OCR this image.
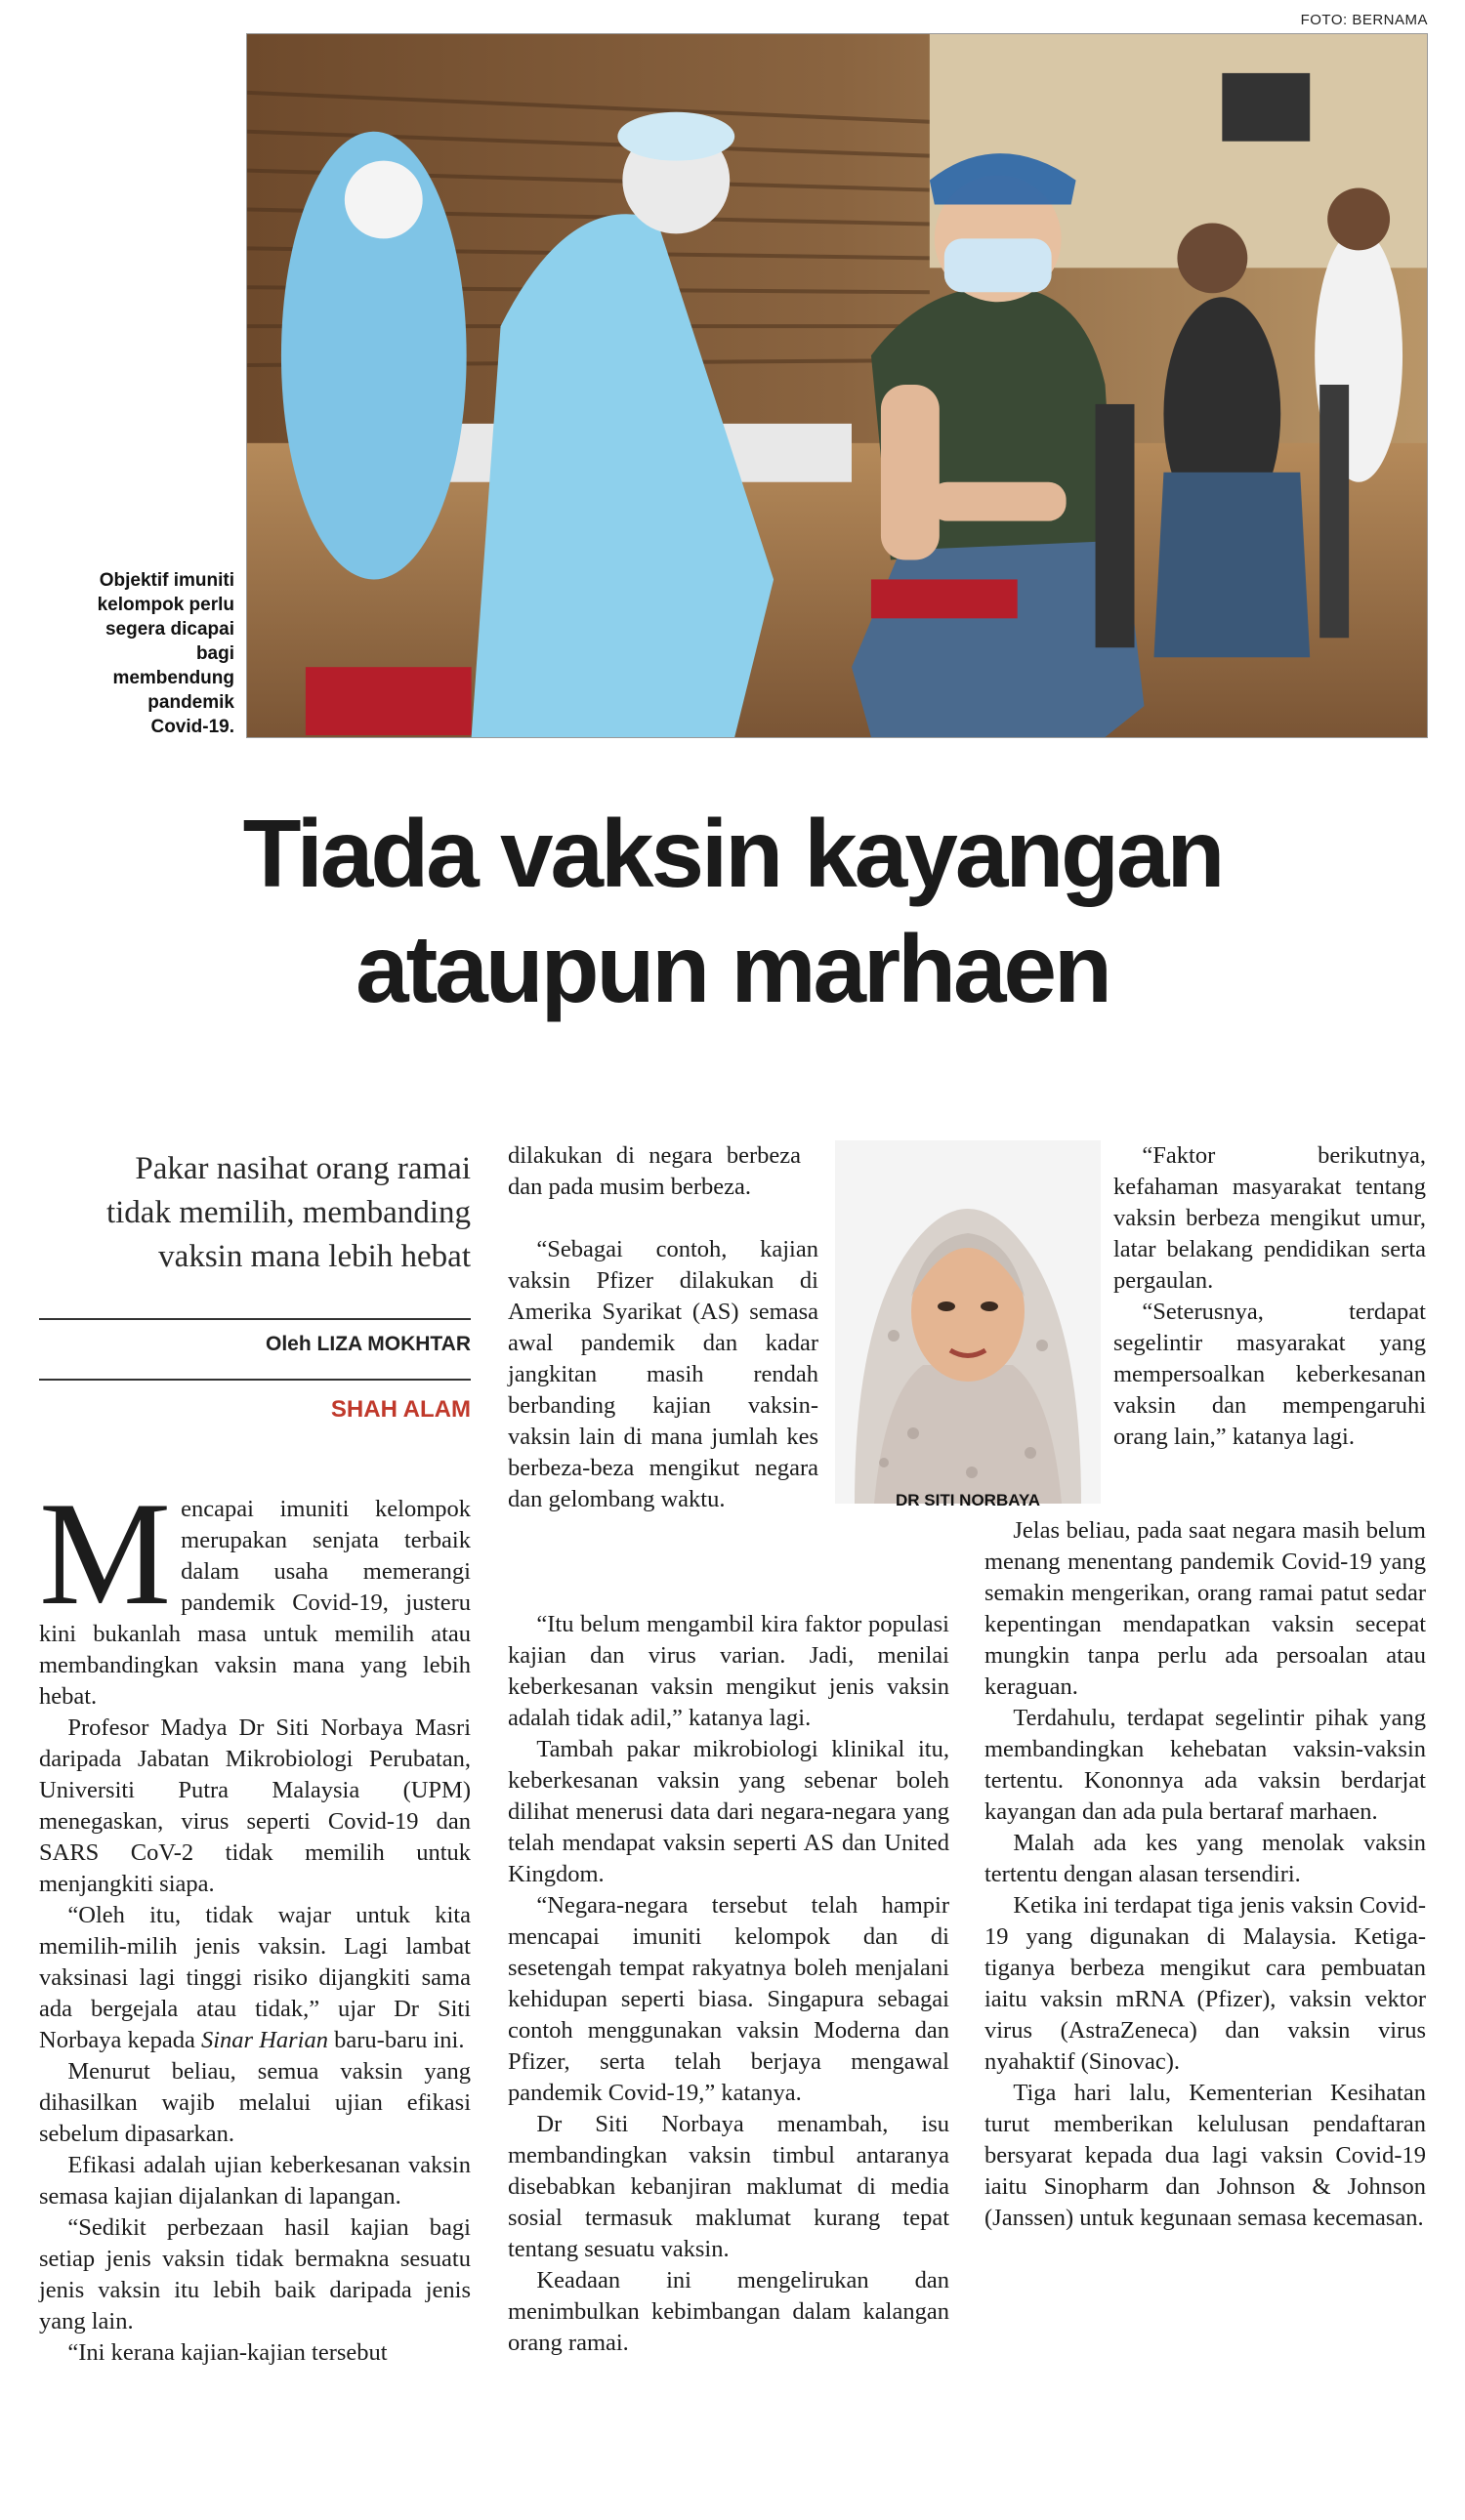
FOTO: BERNAMA
Objektif imuniti
kelompok perlu
segera dicapai
bagi
membendung
pandemik
Covid-19.
Tiada vaksin kayangan
ataupun marhaen
Pakar nasihat orang ramai
tidak memilih, membanding
vaksin mana lebih hebat
Oleh LIZA MOKHTAR
SHAH ALAM

Mencapai imuniti kelompok merupakan senjata terbaik dalam usaha memerangi pandemik Covid-19, justeru kini bukanlah masa untuk memilih atau membandingkan vaksin mana yang lebih hebat.

Profesor Madya Dr Siti Norbaya Masri daripada Jabatan Mikrobiologi Perubatan, Universiti Putra Malaysia (UPM) menegaskan, virus seperti Covid-19 dan SARS CoV-2 tidak memilih untuk menjangkiti siapa.

“Oleh itu, tidak wajar untuk kita memilih-milih jenis vaksin. Lagi lambat vaksinasi lagi tinggi risiko dijangkiti sama ada bergejala atau tidak,” ujar Dr Siti Norbaya kepada Sinar Harian baru-baru ini.

Menurut beliau, semua vaksin yang dihasilkan wajib melalui ujian efikasi sebelum dipasarkan.

Efikasi adalah ujian keberkesanan vaksin semasa kajian dijalankan di lapangan.

“Sedikit perbezaan hasil kajian bagi setiap jenis vaksin tidak bermakna sesuatu jenis vaksin itu lebih baik daripada jenis yang lain.

“Ini kerana kajian-kajian tersebut

dilakukan di negara berbeza dan pada musim berbeza.

“Sebagai contoh, kajian vaksin Pfizer dilakukan di Amerika Syarikat (AS) semasa awal pandemik dan kadar jangkitan masih rendah berbanding kajian vaksin-vaksin lain di mana jumlah kes berbeza-beza mengikut negara dan gelombang waktu.

“Itu belum mengambil kira faktor populasi kajian dan virus varian. Jadi, menilai keberkesanan vaksin mengikut jenis vaksin adalah tidak adil,” katanya lagi.

Tambah pakar mikrobiologi klinikal itu, keberkesanan vaksin yang sebenar boleh dilihat menerusi data dari negara-negara yang telah mendapat vaksin seperti AS dan United Kingdom.

“Negara-negara tersebut telah hampir mencapai imuniti kelompok dan di sesetengah tempat rakyatnya boleh menjalani kehidupan seperti biasa. Singapura sebagai contoh menggunakan vaksin Moderna dan Pfizer, serta telah berjaya mengawal pandemik Covid-19,” katanya.

Dr Siti Norbaya menambah, isu membandingkan vaksin timbul antaranya disebabkan kebanjiran maklumat di media sosial termasuk maklumat kurang tepat tentang sesuatu vaksin.

Keadaan ini mengelirukan dan menimbulkan kebimbangan dalam kalangan orang ramai.

DR SITI NORBAYA

“Faktor berikutnya, kefahaman masyarakat tentang vaksin berbeza mengikut umur, latar belakang pendidikan serta pergaulan.

“Seterusnya, terdapat segelintir masyarakat yang mempersoalkan keberkesanan vaksin dan mempengaruhi orang lain,” katanya lagi.

Jelas beliau, pada saat negara masih belum menang menentang pandemik Covid-19 yang semakin mengerikan, orang ramai patut sedar kepentingan mendapatkan vaksin secepat mungkin tanpa perlu ada persoalan atau keraguan.

Terdahulu, terdapat segelintir pihak yang membandingkan kehebatan vaksin-vaksin tertentu. Kononnya ada vaksin berdarjat kayangan dan ada pula bertaraf marhaen.

Malah ada kes yang menolak vaksin tertentu dengan alasan tersendiri.

Ketika ini terdapat tiga jenis vaksin Covid-19 yang digunakan di Malaysia. Ketiga-tiganya berbeza mengikut cara pembuatan iaitu vaksin mRNA (Pfizer), vaksin vektor virus (AstraZeneca) dan vaksin virus nyahaktif (Sinovac).

Tiga hari lalu, Kementerian Kesihatan turut memberikan kelulusan pendaftaran bersyarat kepada dua lagi vaksin Covid-19 iaitu Sinopharm dan Johnson & Johnson (Janssen) untuk kegunaan semasa kecemasan.
